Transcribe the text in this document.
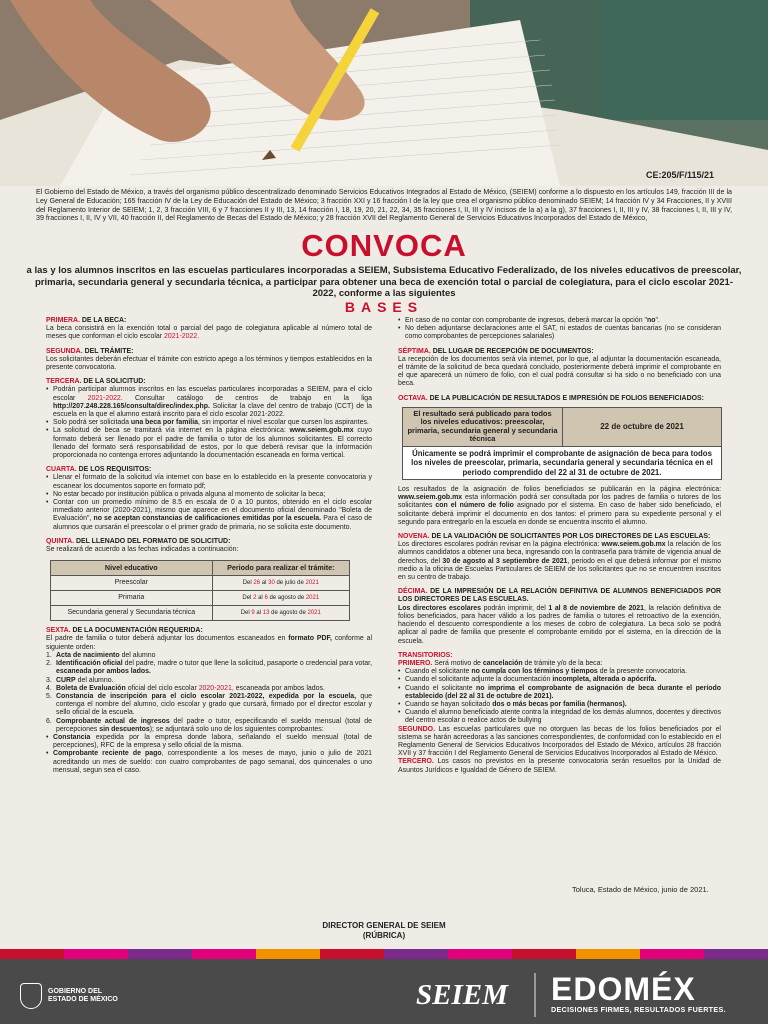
CE:205/F/115/21
El Gobierno del Estado de México, a través del organismo público descentralizado denominado Servicios Educativos Integrados al Estado de México, (SEIEM) conforme a lo dispuesto en los artículos 149, fracción III de la Ley General de Educación; 165 fracción IV de la Ley de Educación del Estado de México; 3 fracción XXI y 16 fracción I de la ley que crea el organismo público denominado SEIEM; 14 fracción IV y 34 Fracciones, II y XVIII del Reglamento Interior de SEIEM; 1, 2, 3 fracción VIII, 6 y 7 fracciones II y III, 13, 14 fracción I, 18, 19, 20, 21, 22, 34, 35 fracciones I, II, III y IV incisos de la a) a la g), 37 fracciones I, II, III y IV, 38 fracciones I, II, III y IV, 39 fracciones I, II, IV y VII, 40 fracción II, del Reglamento de Becas del Estado de México; y 28 fracción XVII del Reglamento General de Servicios Educativos Incorporados del Estado de México,
CONVOCA
a las y los alumnos inscritos en las escuelas particulares incorporadas a SEIEM, Subsistema Educativo Federalizado, de los niveles educativos de preescolar, primaria, secundaria general y secundaria técnica, a participar para obtener una beca de exención total o parcial de colegiatura, para el ciclo escolar 2021-2022, conforme a las siguientes
BASES
PRIMERA. DE LA BECA:

La beca consistirá en la exención total o parcial del pago de colegiatura aplicable al número total de meses que conforman el ciclo escolar 2021-2022.

SEGUNDA. DEL TRÁMITE:

Los solicitantes deberán efectuar el trámite con estricto apego a los términos y tiempos establecidos en la presente convocatoria.

TERCERA. DE LA SOLICITUD:
• Podrán participar alumnos inscritos en las escuelas particulares incorporadas a SEIEM, para el ciclo escolar 2021-2022. Consultar catálogo de centros de trabajo en la liga http://207.248.228.165/consulta/direc/index.php. Solicitar la clave del centro de trabajo (CCT) de la escuela en la que el alumno estará inscrito para el ciclo escolar 2021-2022.
• Solo podrá ser solicitada una beca por familia, sin importar el nivel escolar que cursen los aspirantes.
• La solicitud de beca se tramitará vía internet en la página electrónica: www.seiem.gob.mx cuyo formato deberá ser llenado por el padre de familia o tutor de los alumnos solicitantes. El correcto llenado del formato será responsabilidad de estos, por lo que deberá revisar que la información proporcionada no contenga errores adjuntando la documentación escaneada en forma vertical.
CUARTA. DE LOS REQUISITOS:
• Llenar el formato de la solicitud vía internet con base en lo establecido en la presente convocatoria y escanear los documentos soporte en formato pdf;
• No estar becado por institución pública o privada alguna al momento de solicitar la beca;
• Contar con un promedio mínimo de 8.5 en escala de 0 a 10 puntos, obtenido en el ciclo escolar inmediato anterior (2020-2021), mismo que aparece en el documento oficial denominado "Boleta de Evaluación", no se aceptan constancias de calificaciones emitidas por la escuela. Para el caso de alumnos que cursarán el preescolar o el primer grado de primaria, no se solicita este documento.
QUINTA. DEL LLENADO DEL FORMATO DE SOLICITUD:

Se realizará de acuerdo a las fechas indicadas a continuación:

Nivel educativo	Periodo para realizar el trámite:
Preescolar	Del 26 al 30 de julio de 2021
Primaria	Del 2 al 6 de agosto de 2021
Secundaria general y Secundaria técnica	Del 9 al 13 de agosto de 2021
SEXTA. DE LA DOCUMENTACIÓN REQUERIDA:

El padre de familia o tutor deberá adjuntar los documentos escaneados en formato PDF, conforme al siguiente orden:

1. Acta de nacimiento del alumno
2. Identificación oficial del padre, madre o tutor que llene la solicitud, pasaporte o credencial para votar, escaneada por ambos lados.
3. CURP del alumno.
4. Boleta de Evaluación oficial del ciclo escolar 2020-2021, escaneada por ambos lados.
5. Constancia de inscripción para el ciclo escolar 2021-2022, expedida por la escuela, que contenga el nombre del alumno, ciclo escolar y grado que cursará, firmado por el director escolar y sello oficial de la escuela.
6. Comprobante actual de ingresos del padre o tutor, especificando el sueldo mensual (total de percepciones sin descuentos); se adjuntará solo uno de los siguientes comprobantes:
• Constancia expedida por la empresa donde labora, señalando el sueldo mensual (total de percepciones), RFC de la empresa y sello oficial de la misma.
• Comprobante reciente de pago, correspondiente a los meses de mayo, junio o julio de 2021 acreditando un mes de sueldo: con cuatro comprobantes de pago semanal, dos quincenales o uno mensual, segun sea el caso.
• En caso de no contar con comprobante de ingresos, deberá marcar la opción "no".
• No deben adjuntarse declaraciones ante el SAT, ni estados de cuentas bancarias (no se consideran como comprobantes de percepciones salariales)
SÉPTIMA. DEL LUGAR DE RECEPCIÓN DE DOCUMENTOS:

La recepción de los documentos será vía internet, por lo que, al adjuntar la documentación escaneada, el trámite de la solicitud de beca quedará concluido, posteriormente deberá imprimir el comprobante en el que aparecerá un número de folio, con el cual podrá consultar si ha sido o no beneficiado con una beca.

OCTAVA. DE LA PUBLICACIÓN DE RESULTADOS E IMPRESIÓN DE FOLIOS BENEFICIADOS:
El resultado será publicado para todos los niveles educativos: preescolar, primaria, secundaria general y secundaria técnica	22 de octubre de 2021
Únicamente se podrá imprimir el comprobante de asignación de beca para todos los niveles de preescolar, primaria, secundaria general y secundaria técnica en el periodo comprendido del 22 al 31 de octubre de 2021.

Los resultados de la asignación de folios beneficiados se publicarán en la página electrónica: www.seiem.gob.mx esta información podrá ser consultada por los padres de familia o tutores de los solicitantes con el número de folio asignado por el sistema. En caso de haber sido beneficiado, el solicitante deberá imprimir el documento en dos tantos: el primero para su expediente personal y el segundo para entregarlo en la escuela en donde se encuentra inscrito el alumno.

NOVENA. DE LA VALIDACIÓN DE SOLICITANTES POR LOS DIRECTORES DE LAS ESCUELAS:

Los directores escolares podrán revisar en la página electrónica: www.seiem.gob.mx la relación de los alumnos candidatos a obtener una beca, ingresando con la contraseña para trámite de vigencia anual de derechos, del 30 de agosto al 3 septiembre de 2021, periodo en el que deberá informar por el mismo medio a la oficina de Escuelas Particulares de SEIEM de los solicitantes que no se encuentren inscritos en su centro de trabajo.

DÉCIMA. DE LA IMPRESIÓN DE LA RELACIÓN DEFINITIVA DE ALUMNOS BENEFICIADOS POR LOS DIRECTORES DE LAS ESCUELAS.

Los directores escolares podrán imprimir, del 1 al 8 de noviembre de 2021, la relación definitiva de folios beneficiados, para hacer válido a los padres de familia o tutores el retroactivo de la exención, haciendo el descuento correspondiente a los meses de cobro de colegiatura. La beca solo se podrá aplicar al padre de familia que presente el comprobante emitido por el sistema, en la dirección de la escuela.

TRANSITORIOS:

PRIMERO. Será motivo de cancelación de trámite y/o de la beca:

• Cuando el solicitante no cumpla con los términos y tiempos de la presente convocatoria.
• Cuando el solicitante adjunte la documentación incompleta, alterada o apócrifa.
• Cuando el solicitante no imprima el comprobante de asignación de beca durante el período establecido (del 22 al 31 de octubre de 2021).
• Cuando se hayan solicitado dos o más becas por familia (hermanos).
• Cuando el alumno beneficiado atente contra la integridad de los demás alumnos, docentes y directivos del centro escolar o realice actos de bullying

SEGUNDO. Las escuelas particulares que no otorguen las becas de los folios beneficiados por el sistema se harán acreedoras a las sanciones correspondientes, de conformidad con lo establecido en el Reglamento General de Servicios Educativos Incorporados del Estado de México, artículos 28 fracción XVII y 37 fracción I del Reglamento General de Servicios Educativos Incorporados al Estado de México.

TERCERO. Los casos no previstos en la presente convocatoria serán resueltos por la Unidad de Asuntos Jurídicos e Igualdad de Género de SEIEM.

Toluca, Estado de México, junio de 2021.
DIRECTOR GENERAL DE SEIEM
(RÚBRICA)
GOBIERNO DEL
ESTADO DE MÉXICO	SEIEM EDOMÉX
DECISIONES FIRMES, RESULTADOS FUERTES.
